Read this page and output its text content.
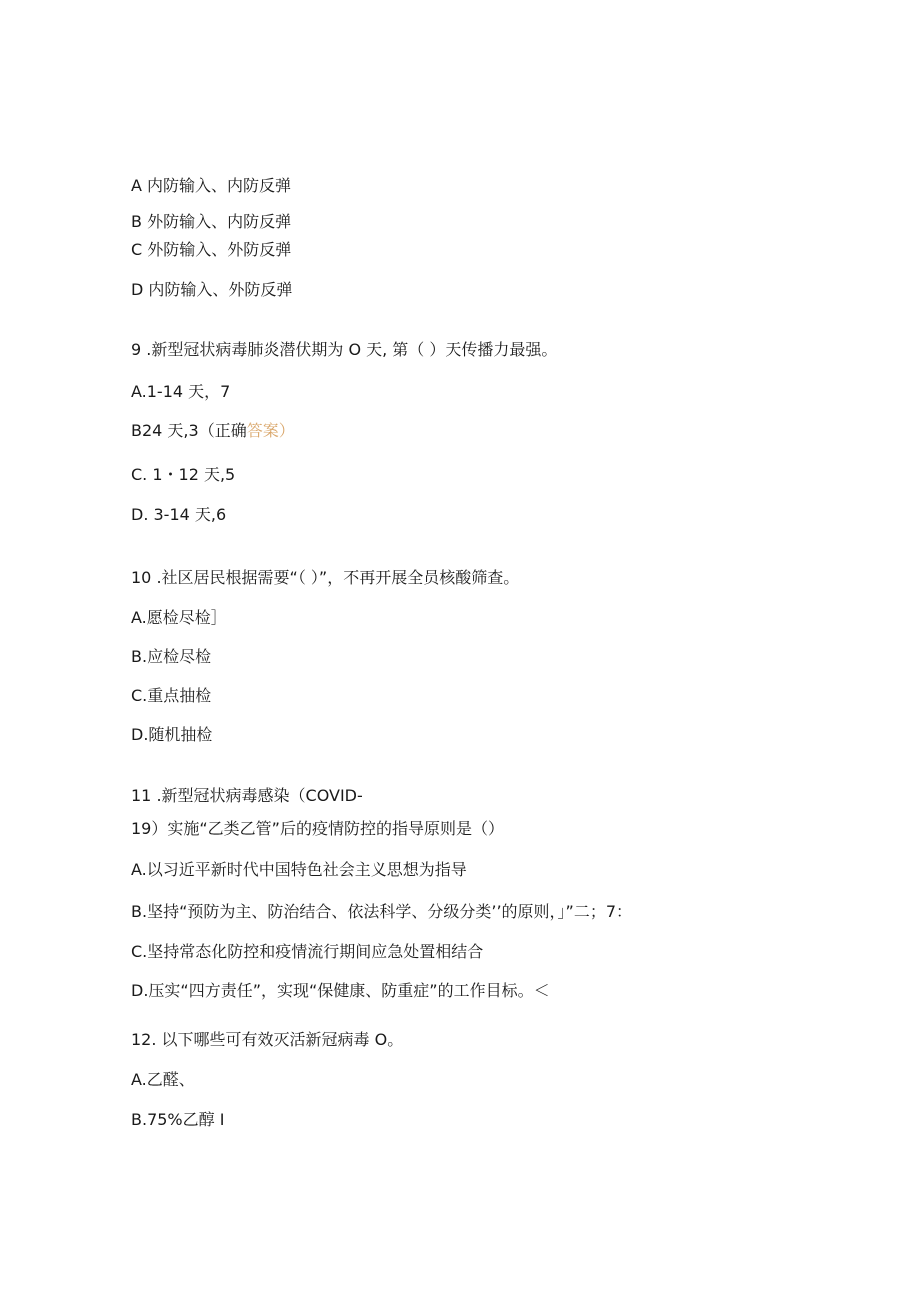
A 内防输入、内防反弹
B 外防输入、内防反弹
C 外防输入、外防反弹
D 内防输入、外防反弹
9 .新型冠状病毒肺炎潜伏期为 O 天, 第（ ）天传播力最强。
A.1-14 天，7
B24 天,3（正确答案）
C. 1・12 天,5
D. 3-14 天,6
10 .社区居民根据需要“（ ）”，不再开展全员核酸筛查。
A.愿检尽检］
B.应检尽检
C.重点抽检
D.随机抽检
11 .新型冠状病毒感染（COVID-
19）实施“乙类乙管”后的疫情防控的指导原则是（）
A.以习近平新时代中国特色社会主义思想为指导
B.坚持“预防为主、防治结合、依法科学、分级分类’’的原则，」”二；7：
C.坚持常态化防控和疫情流行期间应急处置相结合
D.压实“四方责任”，实现“保健康、防重症”的工作目标。＜
12. 以下哪些可有效灭活新冠病毒 O。
A.乙醛、
B.75%乙醇 I
